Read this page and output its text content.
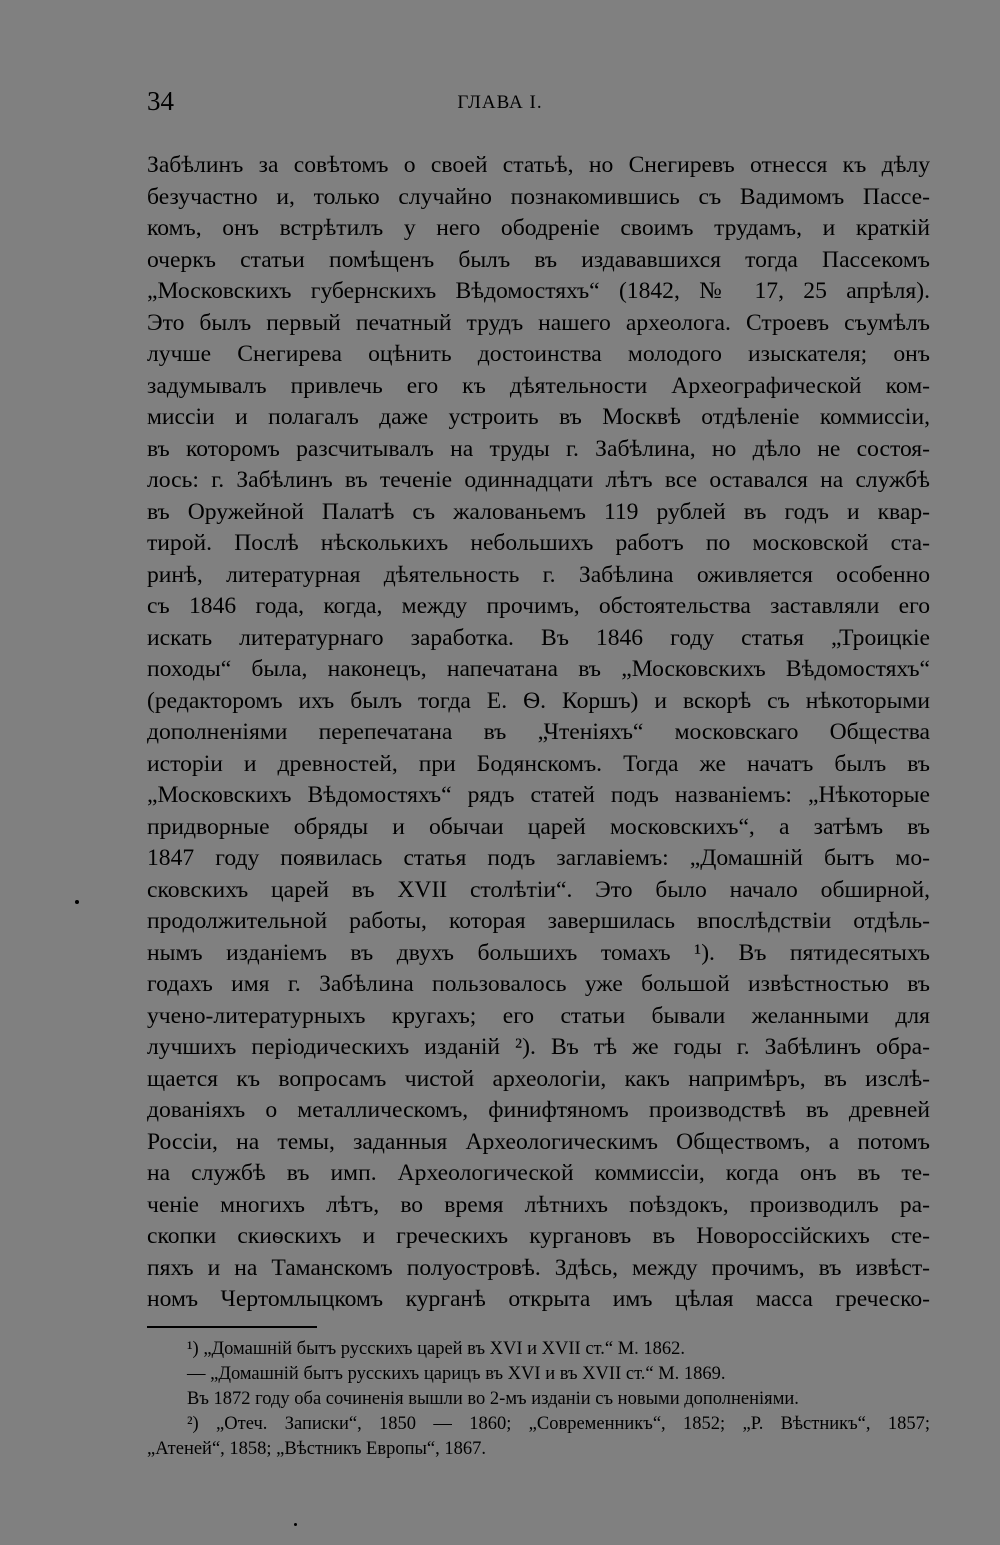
34	ГЛАВА I.
Забѣлинъ за совѣтомъ о своей статьѣ, но Снегиревъ отнесся къ дѣлу
безучастно и, только случайно познакомившись съ Вадимомъ Пассе-
комъ, онъ встрѣтилъ у него ободреніе своимъ трудамъ, и краткій
очеркъ статьи помѣщенъ былъ въ издававшихся тогда Пассекомъ
„Московскихъ губернскихъ Вѣдомостяхъ“ (1842, № 17, 25 апрѣля).
Это былъ первый печатный трудъ нашего археолога. Строевъ съумѣлъ
лучше Снегирева оцѣнить достоинства молодого изыскателя; онъ
задумывалъ привлечь его къ дѣятельности Археографической ком-
миссіи и полагалъ даже устроить въ Москвѣ отдѣленіе коммиссіи,
въ которомъ разсчитывалъ на труды г. Забѣлина, но дѣло не состоя-
лось: г. Забѣлинъ въ теченіе одиннадцати лѣтъ все оставался на службѣ
въ Оружейной Палатѣ съ жалованьемъ 119 рублей въ годъ и квар-
тирой. Послѣ нѣсколькихъ небольшихъ работъ по московской ста-
ринѣ, литературная дѣятельность г. Забѣлина оживляется особенно
съ 1846 года, когда, между прочимъ, обстоятельства заставляли его
искать литературнаго заработка. Въ 1846 году статья „Троицкіе
походы“ была, наконецъ, напечатана въ „Московскихъ Вѣдомостяхъ“
(редакторомъ ихъ былъ тогда Е. Ѳ. Коршъ) и вскорѣ съ нѣкоторыми
дополненіями перепечатана въ „Чтеніяхъ“ московскаго Общества
исторіи и древностей, при Бодянскомъ. Тогда же начатъ былъ въ
„Московскихъ Вѣдомостяхъ“ рядъ статей подъ названіемъ: „Нѣкоторые
придворные обряды и обычаи царей московскихъ“, а затѣмъ въ
1847 году появилась статья подъ заглавіемъ: „Домашній бытъ мо-
сковскихъ царей въ XVII столѣтіи“. Это было начало обширной,
продолжительной работы, которая завершилась впослѣдствіи отдѣль-
нымъ изданіемъ въ двухъ большихъ томахъ ¹). Въ пятидесятыхъ
годахъ имя г. Забѣлина пользовалось уже большой извѣстностью въ
учено-литературныхъ кругахъ; его статьи бывали желанными для
лучшихъ періодическихъ изданій ²). Въ тѣ же годы г. Забѣлинъ обра-
щается къ вопросамъ чистой археологіи, какъ напримѣръ, въ изслѣ-
дованіяхъ о металлическомъ, финифтяномъ производствѣ въ древней
Россіи, на темы, заданныя Археологическимъ Обществомъ, а потомъ
на службѣ въ имп. Археологической коммиссіи, когда онъ въ те-
ченіе многихъ лѣтъ, во время лѣтнихъ поѣздокъ, производилъ ра-
скопки скиѳскихъ и греческихъ кургановъ въ Новороссійскихъ сте-
пяхъ и на Таманскомъ полуостровѣ. Здѣсь, между прочимъ, въ извѣст-
номъ Чертомлыцкомъ курганѣ открыта имъ цѣлая масса греческо-
¹) „Домашній бытъ русскихъ царей въ XVI и XVII ст.“ М. 1862.
— „Домашній бытъ русскихъ царицъ въ XVI и въ XVII ст.“ М. 1869.
Въ 1872 году оба сочиненія вышли во 2-мъ изданіи съ новыми дополненіями.
²) „Отеч. Записки“, 1850 — 1860; „Современникъ“, 1852; „Р. Вѣстникъ“, 1857;
„Атеней“, 1858; „Вѣстникъ Европы“, 1867.
